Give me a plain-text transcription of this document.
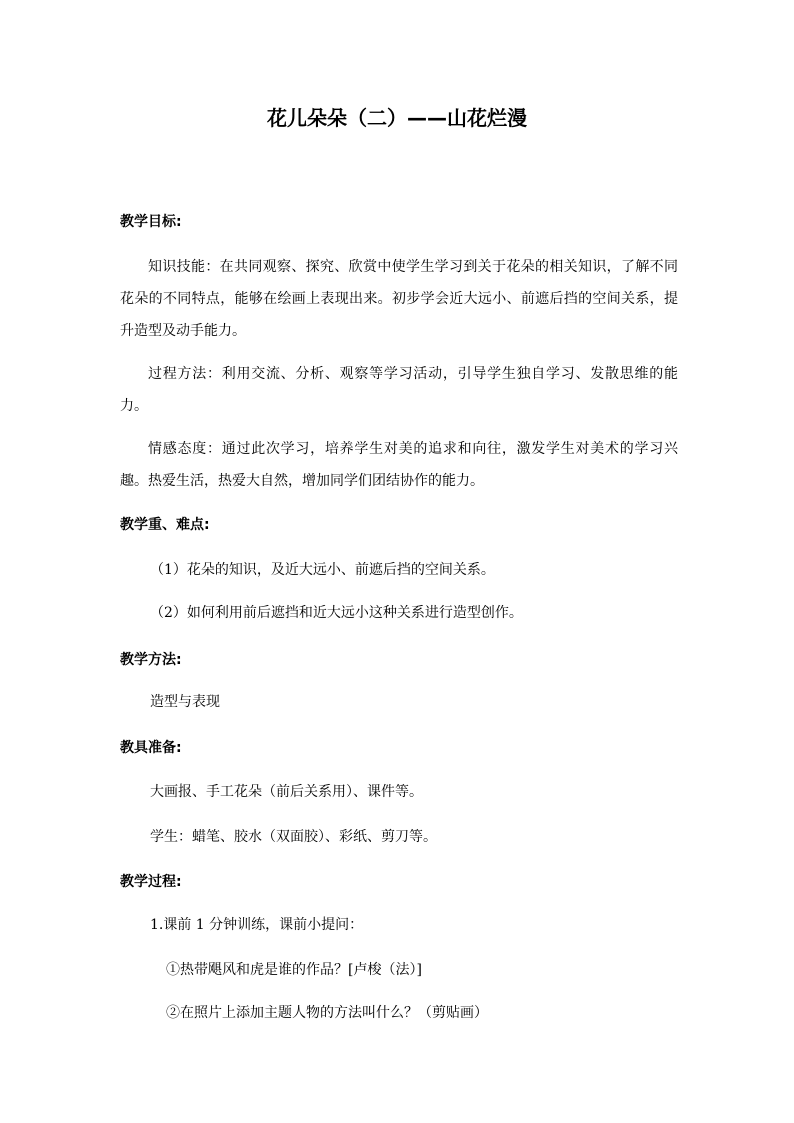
花儿朵朵（二）——山花烂漫
教学目标:
知识技能：在共同观察、探究、欣赏中使学生学习到关于花朵的相关知识，了解不同花朵的不同特点，能够在绘画上表现出来。初步学会近大远小、前遮后挡的空间关系，提升造型及动手能力。
过程方法：利用交流、分析、观察等学习活动，引导学生独自学习、发散思维的能力。
情感态度：通过此次学习，培养学生对美的追求和向往，激发学生对美术的学习兴趣。热爱生活，热爱大自然，增加同学们团结协作的能力。
教学重、难点:
（1）花朵的知识，及近大远小、前遮后挡的空间关系。
（2）如何利用前后遮挡和近大远小这种关系进行造型创作。
教学方法:
造型与表现
教具准备:
大画报、手工花朵（前后关系用）、课件等。
学生：蜡笔、胶水（双面胶）、彩纸、剪刀等。
教学过程:
1.课前 1 分钟训练，课前小提问：
①热带飓风和虎是谁的作品？[卢梭（法）]
②在照片上添加主题人物的方法叫什么？（剪贴画）
